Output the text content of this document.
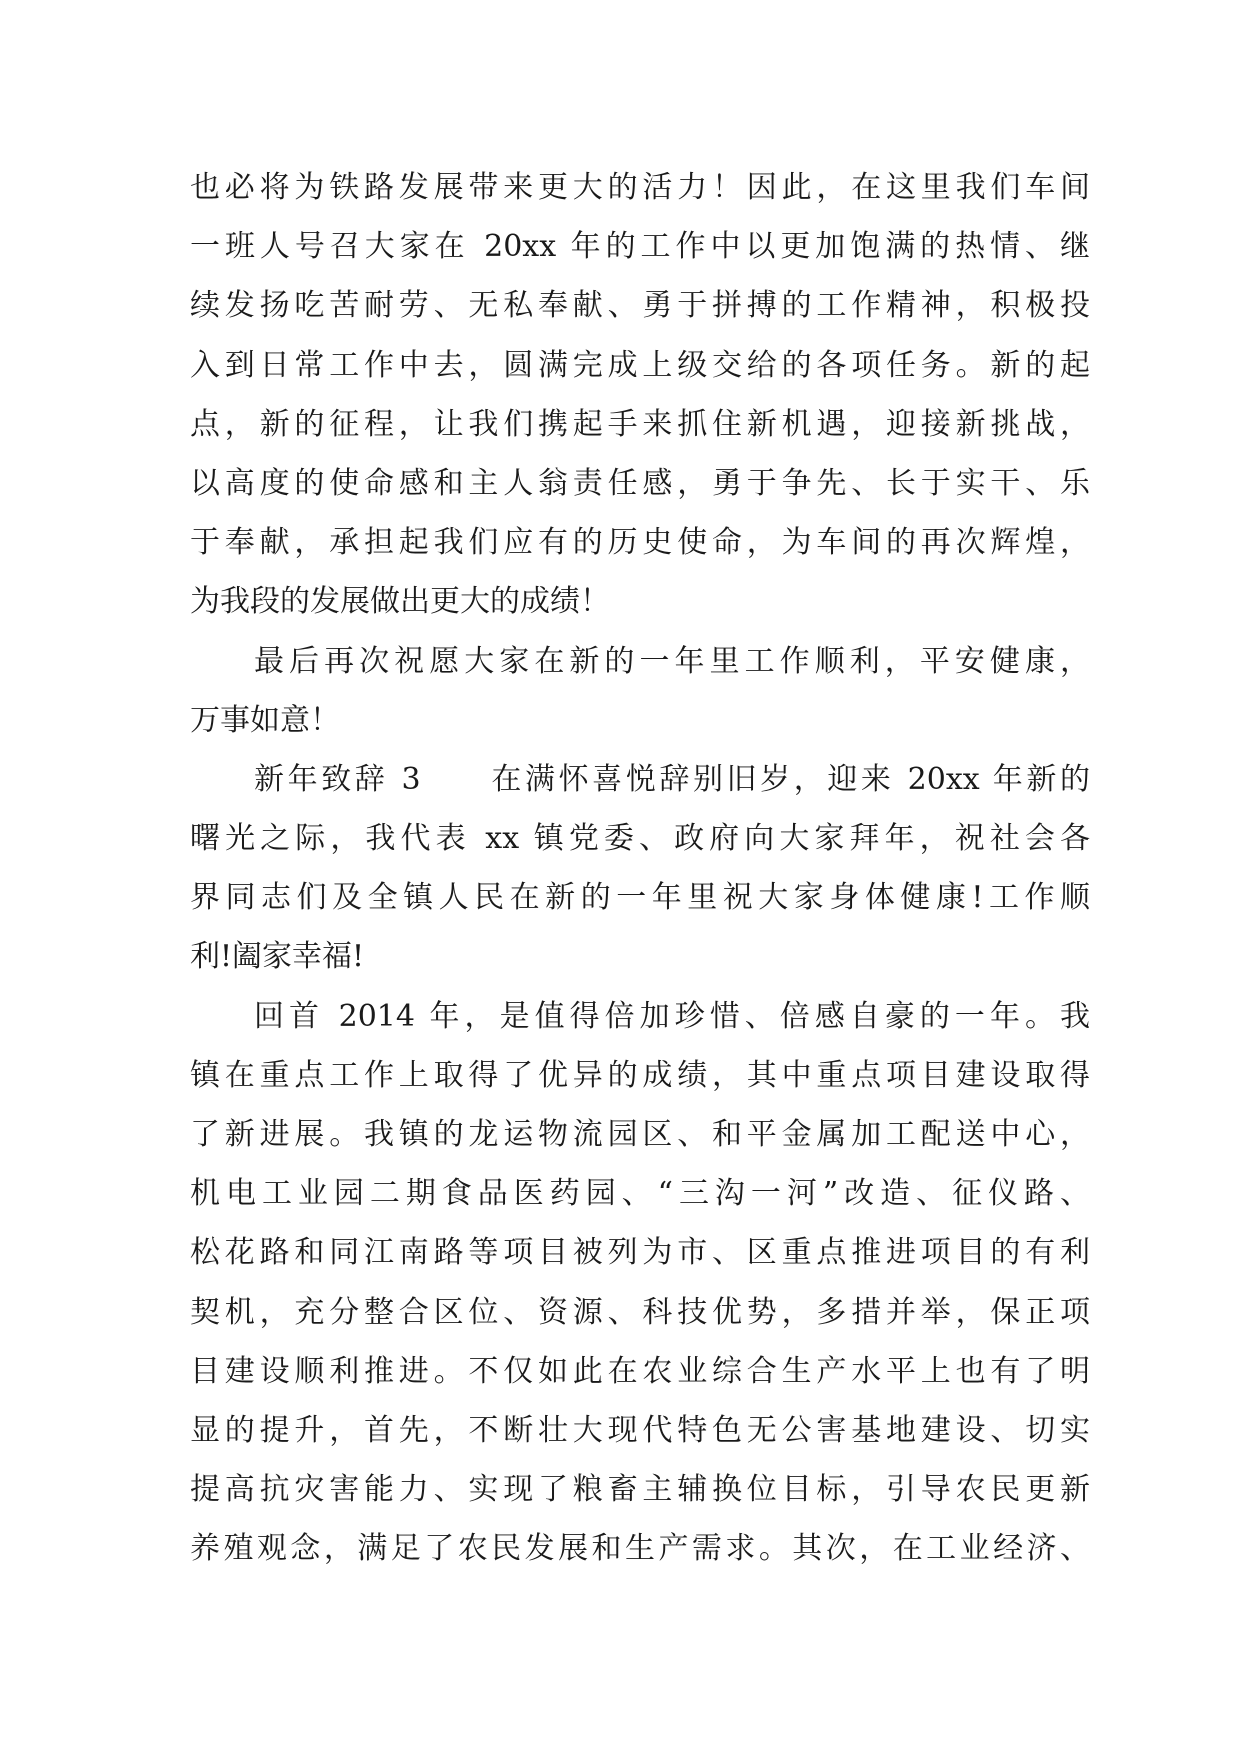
也必将为铁路发展带来更大的活力！因此，在这里我们车间
一班人号召大家在 20xx 年的工作中以更加饱满的热情、继
续发扬吃苦耐劳、无私奉献、勇于拼搏的工作精神，积极投
入到日常工作中去，圆满完成上级交给的各项任务。新的起
点，新的征程，让我们携起手来抓住新机遇，迎接新挑战，
以高度的使命感和主人翁责任感，勇于争先、长于实干、乐
于奉献，承担起我们应有的历史使命，为车间的再次辉煌，
为我段的发展做出更大的成绩！
最后再次祝愿大家在新的一年里工作顺利，平安健康，
万事如意！
新年致辞 3　　在满怀喜悦辞别旧岁，迎来 20xx 年新的
曙光之际，我代表 xx 镇党委、政府向大家拜年，祝社会各
界同志们及全镇人民在新的一年里祝大家身体健康!工作顺
利!阖家幸福!
回首 2014 年，是值得倍加珍惜、倍感自豪的一年。我
镇在重点工作上取得了优异的成绩，其中重点项目建设取得
了新进展。我镇的龙运物流园区、和平金属加工配送中心，
机电工业园二期食品医药园、“三沟一河”改造、征仪路、
松花路和同江南路等项目被列为市、区重点推进项目的有利
契机，充分整合区位、资源、科技优势，多措并举，保正项
目建设顺利推进。不仅如此在农业综合生产水平上也有了明
显的提升，首先，不断壮大现代特色无公害基地建设、切实
提高抗灾害能力、实现了粮畜主辅换位目标，引导农民更新
养殖观念，满足了农民发展和生产需求。其次，在工业经济、
